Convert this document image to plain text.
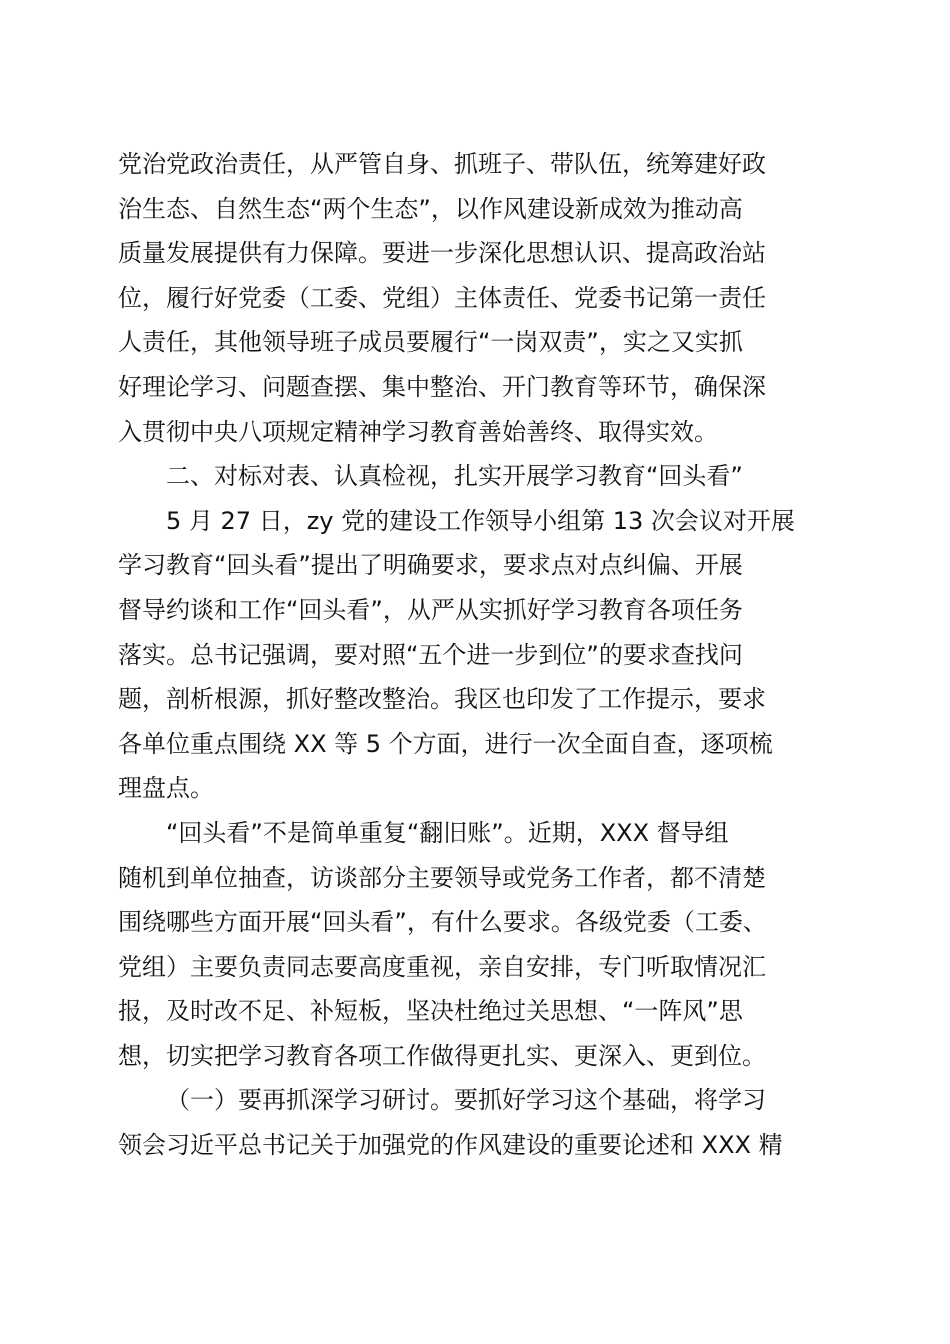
党治党政治责任，从严管自身、抓班子、带队伍，统筹建好政
治生态、自然生态“两个生态”，以作风建设新成效为推动高
质量发展提供有力保障。要进一步深化思想认识、提高政治站
位，履行好党委（工委、党组）主体责任、党委书记第一责任
人责任，其他领导班子成员要履行“一岗双责”，实之又实抓
好理论学习、问题查摆、集中整治、开门教育等环节，确保深
入贯彻中央八项规定精神学习教育善始善终、取得实效。
二、对标对表、认真检视，扎实开展学习教育“回头看”
5 月 27 日，zy 党的建设工作领导小组第 13 次会议对开展
学习教育“回头看”提出了明确要求，要求点对点纠偏、开展
督导约谈和工作“回头看”，从严从实抓好学习教育各项任务
落实。总书记强调，要对照“五个进一步到位”的要求查找问
题，剖析根源，抓好整改整治。我区也印发了工作提示，要求
各单位重点围绕 XX 等 5 个方面，进行一次全面自查，逐项梳
理盘点。
“回头看”不是简单重复“翻旧账”。近期，XXX 督导组
随机到单位抽查，访谈部分主要领导或党务工作者，都不清楚
围绕哪些方面开展“回头看”，有什么要求。各级党委（工委、
党组）主要负责同志要高度重视，亲自安排，专门听取情况汇
报，及时改不足、补短板，坚决杜绝过关思想、“一阵风”思
想，切实把学习教育各项工作做得更扎实、更深入、更到位。
（一）要再抓深学习研讨。要抓好学习这个基础，将学习
领会习近平总书记关于加强党的作风建设的重要论述和 XXX 精
